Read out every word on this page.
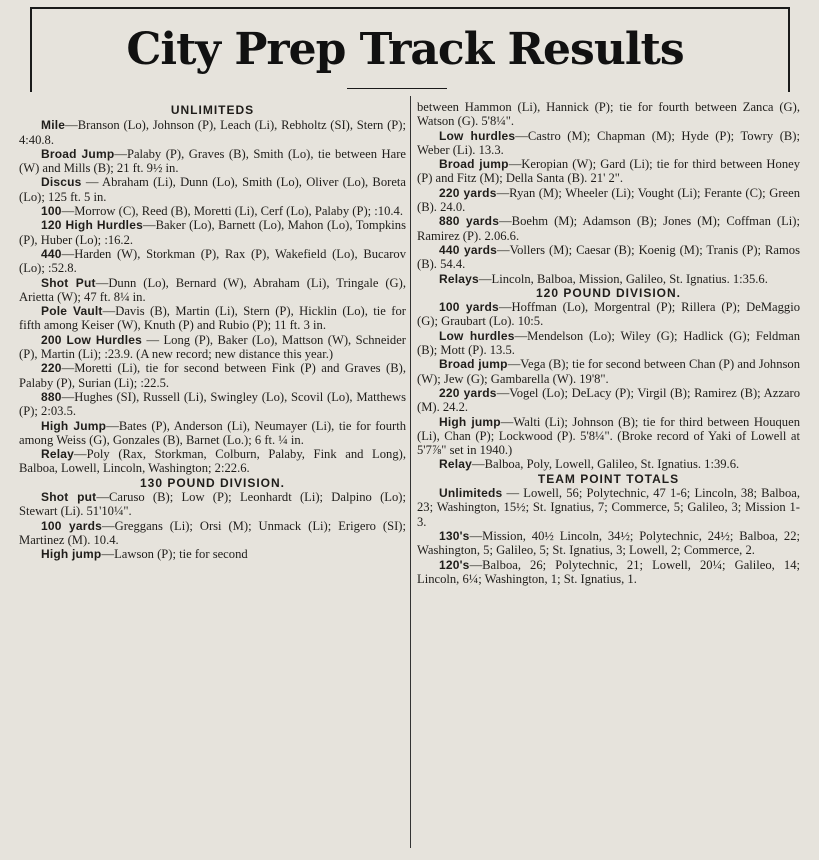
City Prep Track Results

UNLIMITEDS

Mile—Branson (Lo), Johnson (P), Leach (Li), Rebholtz (SI), Stern (P); 4:40.8.

Broad Jump—Palaby (P), Graves (B), Smith (Lo), tie between Hare (W) and Mills (B); 21 ft. 9½ in.

Discus — Abraham (Li), Dunn (Lo), Smith (Lo), Oliver (Lo), Boreta (Lo); 125 ft. 5 in.

100—Morrow (C), Reed (B), Moretti (Li), Cerf (Lo), Palaby (P); :10.4.

120 High Hurdles—Baker (Lo), Barnett (Lo), Mahon (Lo), Tompkins (P), Huber (Lo); :16.2.

440—Harden (W), Storkman (P), Rax (P), Wakefield (Lo), Bucarov (Lo); :52.8.

Shot Put—Dunn (Lo), Bernard (W), Abraham (Li), Tringale (G), Arietta (W); 47 ft. 8¼ in.

Pole Vault—Davis (B), Martin (Li), Stern (P), Hicklin (Lo), tie for fifth among Keiser (W), Knuth (P) and Rubio (P); 11 ft. 3 in.

200 Low Hurdles — Long (P), Baker (Lo), Mattson (W), Schneider (P), Martin (Li); :23.9. (A new record; new distance this year.)

220—Moretti (Li), tie for second between Fink (P) and Graves (B), Palaby (P), Surian (Li); :22.5.

880—Hughes (SI), Russell (Li), Swingley (Lo), Scovil (Lo), Matthews (P); 2:03.5.

High Jump—Bates (P), Anderson (Li), Neumayer (Li), tie for fourth among Weiss (G), Gonzales (B), Barnet (Lo.); 6 ft. ¼ in.

Relay—Poly (Rax, Storkman, Colburn, Palaby, Fink and Long), Balboa, Lowell, Lincoln, Washington; 2:22.6.

130 POUND DIVISION.

Shot put—Caruso (B); Low (P); Leonhardt (Li); Dalpino (Lo); Stewart (Li). 51'10¼".

100 yards—Greggans (Li); Orsi (M); Unmack (Li); Erigero (SI); Martinez (M). 10.4.

High jump—Lawson (P); tie for second

between Hammon (Li), Hannick (P); tie for fourth between Zanca (G), Watson (G). 5'8¼".

Low hurdles—Castro (M); Chapman (M); Hyde (P); Towry (B); Weber (Li). 13.3.

Broad jump—Keropian (W); Gard (Li); tie for third between Honey (P) and Fitz (M); Della Santa (B). 21' 2".

220 yards—Ryan (M); Wheeler (Li); Vought (Li); Ferante (C); Green (B). 24.0.

880 yards—Boehm (M); Adamson (B); Jones (M); Coffman (Li); Ramirez (P). 2.06.6.

440 yards—Vollers (M); Caesar (B); Koenig (M); Tranis (P); Ramos (B). 54.4.

Relays—Lincoln, Balboa, Mission, Galileo, St. Ignatius. 1:35.6.

120 POUND DIVISION.

100 yards—Hoffman (Lo), Morgentral (P); Rillera (P); DeMaggio (G); Graubart (Lo). 10:5.

Low hurdles—Mendelson (Lo); Wiley (G); Hadlick (G); Feldman (B); Mott (P). 13.5.

Broad jump—Vega (B); tie for second between Chan (P) and Johnson (W); Jew (G); Gambarella (W). 19'8".

220 yards—Vogel (Lo); DeLacy (P); Virgil (B); Ramirez (B); Azzaro (M). 24.2.

High jump—Walti (Li); Johnson (B); tie for third between Houquen (Li), Chan (P); Lockwood (P). 5'8¼". (Broke record of Yaki of Lowell at 5'7⅞" set in 1940.)

Relay—Balboa, Poly, Lowell, Galileo, St. Ignatius. 1:39.6.

TEAM POINT TOTALS

Unlimiteds — Lowell, 56; Polytechnic, 47 1-6; Lincoln, 38; Balboa, 23; Washington, 15½; St. Ignatius, 7; Commerce, 5; Galileo, 3; Mission 1-3.

130's—Mission, 40½ Lincoln, 34½; Polytechnic, 24½; Balboa, 22; Washington, 5; Galileo, 5; St. Ignatius, 3; Lowell, 2; Commerce, 2.

120's—Balboa, 26; Polytechnic, 21; Lowell, 20¼; Galileo, 14; Lincoln, 6¼; Washington, 1; St. Ignatius, 1.
